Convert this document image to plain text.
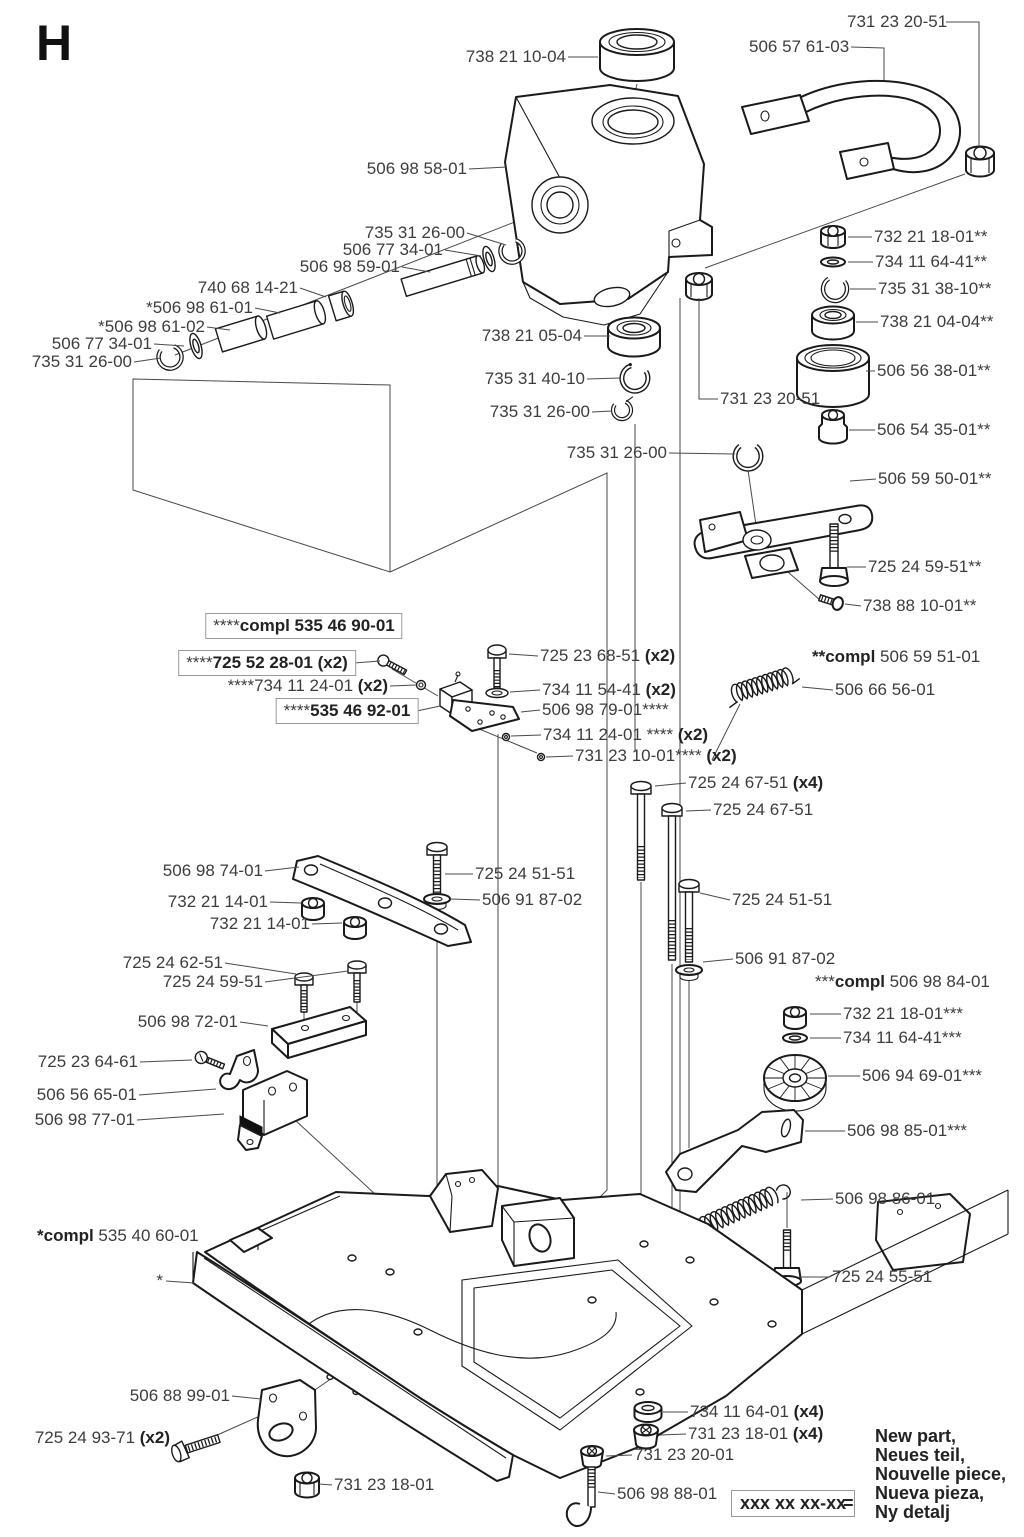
H	738 21 10-04
731 23 20-51
506 57 61-03
506 98 58-01
735 31 26-00
506 77 34-01
506 98 59-01
740 68 14-21
*506 98 61-01
*506 98 61-02
506 77 34-01
735 31 26-00
738 21 05-04
735 31 40-10
735 31 26-00
735 31 26-00
731 23 20-51
732 21 18-01**
734 11 64-41**
735 31 38-10**
738 21 04-04**
506 56 38-01**
506 54 35-01**
506 59 50-01**
725 24 59-51**
738 88 10-01**
**compl 506 59 51-01
506 66 56-01
****compl 535 46 90-01
****725 52 28-01 (x2)
****734 11 24-01 (x2)
****535 46 92-01
725 23 68-51 (x2)
734 11 54-41 (x2)
506 98 79-01****
734 11 24-01 **** (x2)
731 23 10-01**** (x2)
725 24 67-51 (x4)
725 24 67-51
506 98 74-01
732 21 14-01
732 21 14-01
725 24 51-51
506 91 87-02	725 24 51-51
506 91 87-02
725 24 62-51
725 24 59-51	***compl 506 98 84-01
732 21 18-01***
734 11 64-41***
506 94 69-01***
506 98 72-01
725 23 64-61
506 56 65-01
506 98 77-01
506 98 85-01***
506 98 86-01
*compl 535 40 60-01
*	725 24 55-51
506 88 99-01
725 24 93-71 (x2)
731 23 18-01
734 11 64-01 (x4)
731 23 18-01 (x4)
731 23 20-01
506 98 88-01	xxx xx xx-xx
=
New part,
Neues teil,
Nouvelle piece,
Nueva pieza,
Ny detalj
